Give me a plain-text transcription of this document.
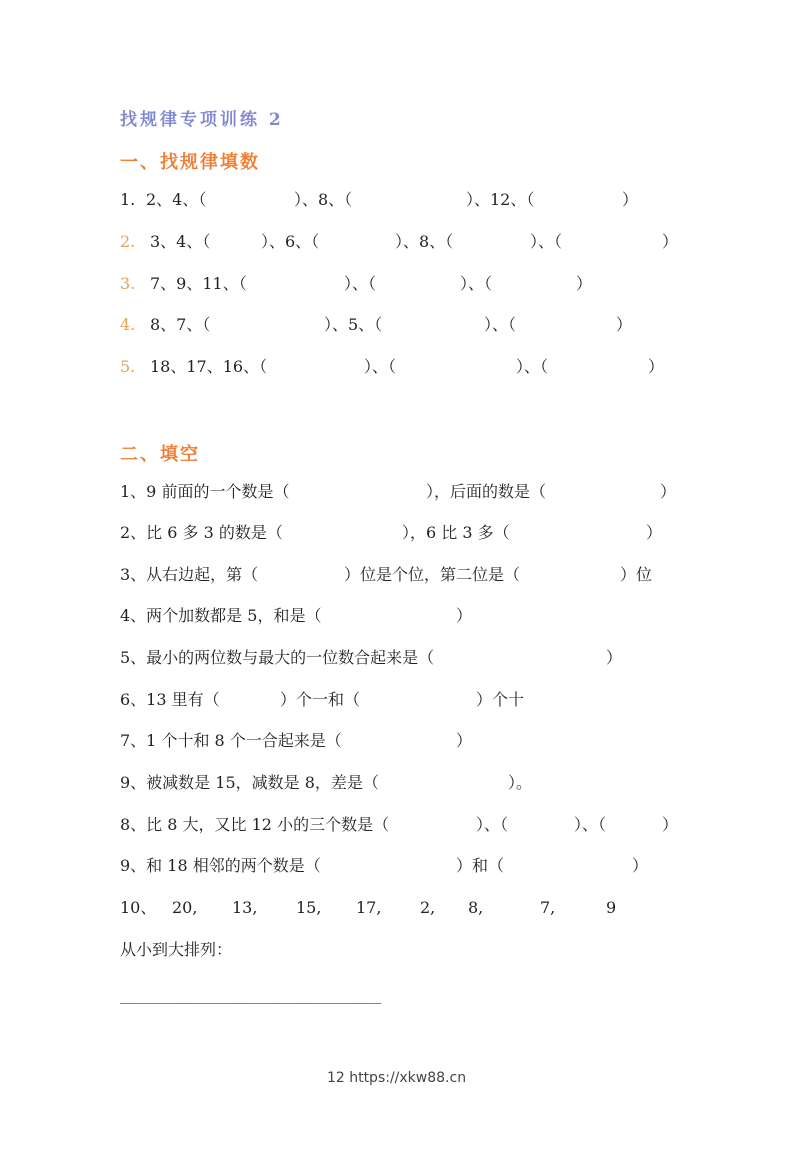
找规律专项训练 2
一、找规律填数

1.

2、4、（

	）、8、（

	）、12、（

	）

2.

3、4、（

	）、6、（

	）、8、（

	）、（

	）

3.

7、9、11、（

	）、（

	）、（

	）

4.

8、7、（

	）、5、（

	）、（

	）

5.

18、17、16、（

	）、（

	）、（

	）

二、填空

1、9 前面的一个数是（

	），后面的数是（

	）

2、比 6 多 3 的数是（

	），6 比 3 多（

	）

3、从右边起，第（

	）位是个位，第二位是（

	）位

4、两个加数都是 5，和是（

	）

5、最小的两位数与最大的一位数合起来是（

	）

6、13 里有（

	）个一和（

	）个十

7、1 个十和 8 个一合起来是（

	）

9、被减数是 15，减数是 8，差是（

	）。

8、比 8 大，又比 12 小的三个数是（

	）、（

	）、（

	）

9、和 18 相邻的两个数是（

	）和（

	）

10、

20,

13,

15,

17,

2,

8,

	7,

	9

从小到大排列：

_______________________________
12 https://xkw88.cn
